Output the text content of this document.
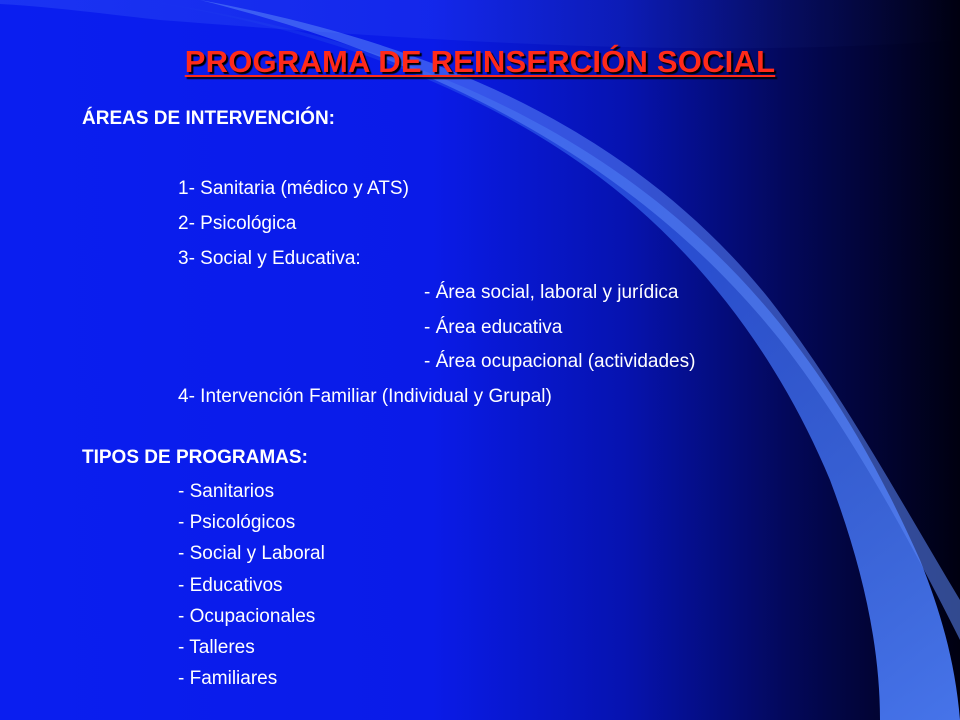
PROGRAMA DE REINSERCIÓN SOCIAL
ÁREAS DE INTERVENCIÓN:
1- Sanitaria (médico y ATS)
2- Psicológica
3- Social y Educativa:
- Área social, laboral y jurídica
- Área educativa
- Área ocupacional (actividades)
4- Intervención Familiar (Individual y Grupal)
TIPOS DE PROGRAMAS:
- Sanitarios
- Psicológicos
- Social y Laboral
- Educativos
- Ocupacionales
- Talleres
- Familiares
